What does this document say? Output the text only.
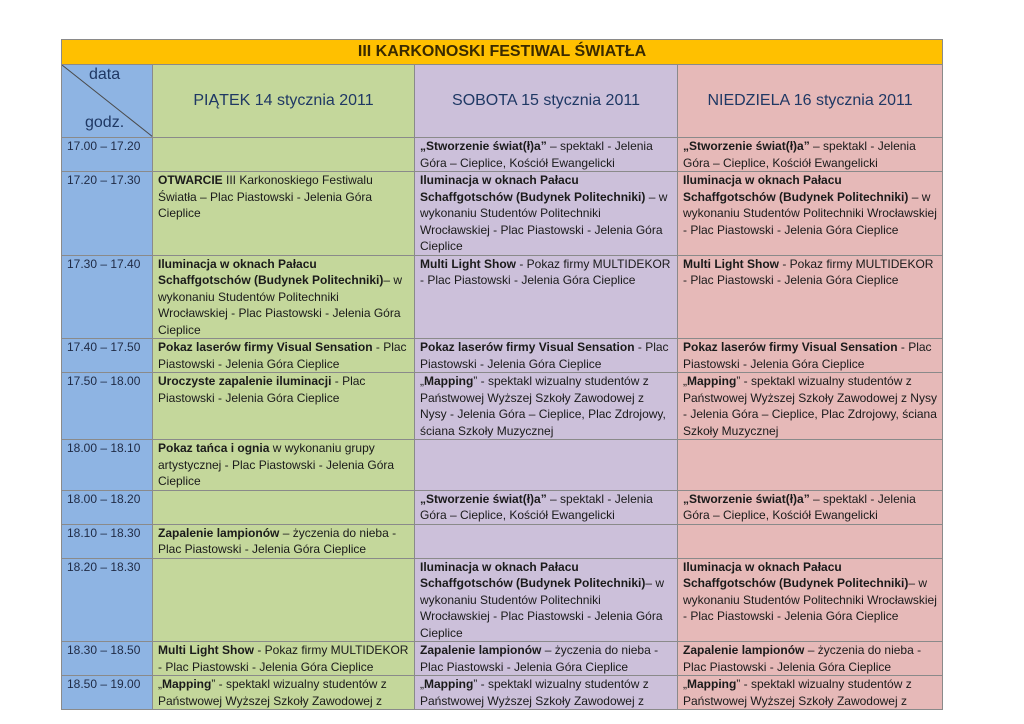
III KARKONOSKI FESTIWAL ŚWIATŁA			

data
godz.	PIĄTEK 14 stycznia 2011	SOBOTA 15 stycznia 2011	NIEDZIELA 16 stycznia 2011
17.00 – 17.20		„Stworzenie świat(ł)a” – spektakl - Jelenia Góra – Cieplice, Kościół Ewangelicki	„Stworzenie świat(ł)a” – spektakl - Jelenia Góra – Cieplice, Kościół Ewangelicki
17.20 – 17.30	OTWARCIE III Karkonoskiego Festiwalu Światła – Plac Piastowski - Jelenia Góra Cieplice	Iluminacja w oknach Pałacu Schaffgotschów (Budynek Politechniki) – w wykonaniu Studentów Politechniki Wrocławskiej - Plac Piastowski - Jelenia Góra Cieplice	Iluminacja w oknach Pałacu Schaffgotschów (Budynek Politechniki) – w wykonaniu Studentów Politechniki Wrocławskiej - Plac Piastowski - Jelenia Góra Cieplice
17.30 – 17.40	Iluminacja w oknach Pałacu Schaffgotschów (Budynek Politechniki)– w wykonaniu Studentów Politechniki Wrocławskiej - Plac Piastowski - Jelenia Góra Cieplice	Multi Light Show - Pokaz firmy MULTIDEKOR - Plac Piastowski - Jelenia Góra Cieplice	Multi Light Show - Pokaz firmy MULTIDEKOR - Plac Piastowski - Jelenia Góra Cieplice
17.40 – 17.50	Pokaz laserów firmy Visual Sensation - Plac Piastowski - Jelenia Góra Cieplice	Pokaz laserów firmy Visual Sensation - Plac Piastowski - Jelenia Góra Cieplice	Pokaz laserów firmy Visual Sensation - Plac Piastowski - Jelenia Góra Cieplice
17.50 – 18.00	Uroczyste zapalenie iluminacji - Plac Piastowski - Jelenia Góra Cieplice	„Mapping” - spektakl wizualny studentów z Państwowej Wyższej Szkoły Zawodowej z Nysy - Jelenia Góra – Cieplice, Plac Zdrojowy, ściana Szkoły Muzycznej	„Mapping” - spektakl wizualny studentów z Państwowej Wyższej Szkoły Zawodowej z Nysy - Jelenia Góra – Cieplice, Plac Zdrojowy, ściana Szkoły Muzycznej
18.00 – 18.10	Pokaz tańca i ognia w wykonaniu grupy artystycznej - Plac Piastowski - Jelenia Góra Cieplice		
18.00 – 18.20		„Stworzenie świat(ł)a” – spektakl - Jelenia Góra – Cieplice, Kościół Ewangelicki	„Stworzenie świat(ł)a” – spektakl - Jelenia Góra – Cieplice, Kościół Ewangelicki
18.10 – 18.30	Zapalenie lampionów – życzenia do nieba - Plac Piastowski - Jelenia Góra Cieplice		
18.20 – 18.30		Iluminacja w oknach Pałacu Schaffgotschów (Budynek Politechniki)– w wykonaniu Studentów Politechniki Wrocławskiej - Plac Piastowski - Jelenia Góra Cieplice	Iluminacja w oknach Pałacu Schaffgotschów (Budynek Politechniki)– w wykonaniu Studentów Politechniki Wrocławskiej - Plac Piastowski - Jelenia Góra Cieplice
18.30 – 18.50	Multi Light Show - Pokaz firmy MULTIDEKOR - Plac Piastowski - Jelenia Góra Cieplice	Zapalenie lampionów – życzenia do nieba - Plac Piastowski - Jelenia Góra Cieplice	Zapalenie lampionów – życzenia do nieba - Plac Piastowski - Jelenia Góra Cieplice
18.50 – 19.00	„Mapping” - spektakl wizualny studentów z Państwowej Wyższej Szkoły Zawodowej z	„Mapping” - spektakl wizualny studentów z Państwowej Wyższej Szkoły Zawodowej z	„Mapping” - spektakl wizualny studentów z Państwowej Wyższej Szkoły Zawodowej z
